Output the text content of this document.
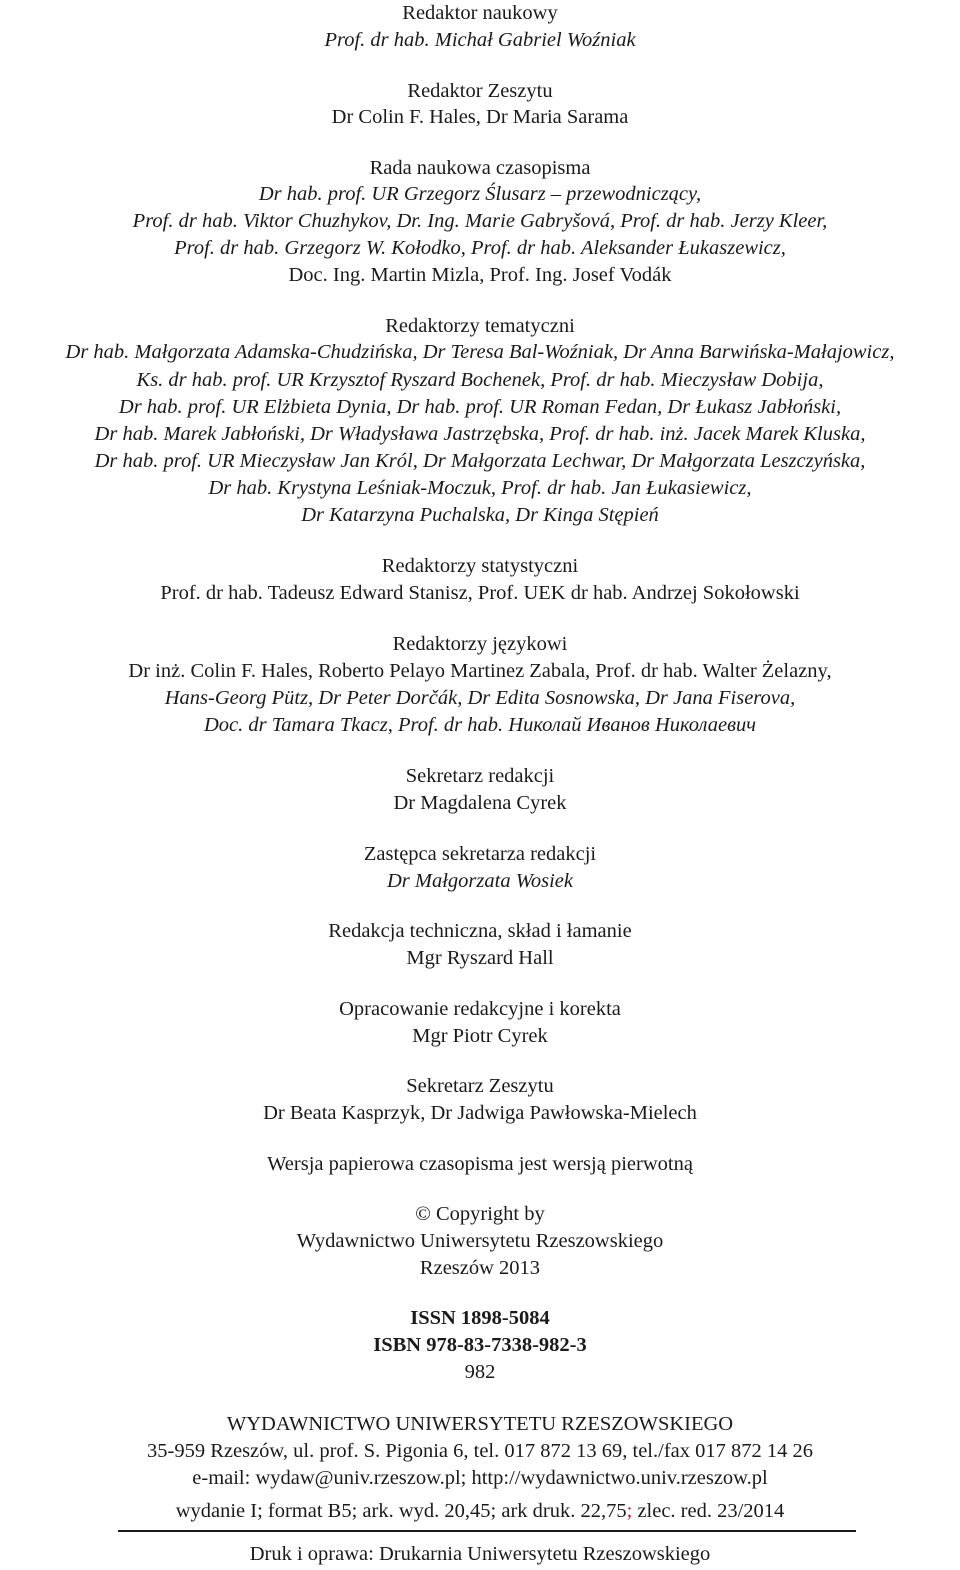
Redaktor naukowy
Prof. dr hab. Michał Gabriel Woźniak
Redaktor Zeszytu
Dr Colin F. Hales, Dr Maria Sarama
Rada naukowa czasopisma
Dr hab. prof. UR Grzegorz Ślusarz – przewodniczący,
Prof. dr hab. Viktor Chuzhykov, Dr. Ing. Marie Gabryšová, Prof. dr hab. Jerzy Kleer,
Prof. dr hab. Grzegorz W. Kołodko, Prof. dr hab. Aleksander Łukaszewicz,
Doc. Ing. Martin Mizla, Prof. Ing. Josef Vodák
Redaktorzy tematyczni
Dr hab. Małgorzata Adamska-Chudzińska, Dr Teresa Bal-Woźniak, Dr Anna Barwińska-Małajowicz,
Ks. dr hab. prof. UR Krzysztof Ryszard Bochenek, Prof. dr hab. Mieczysław Dobija,
Dr hab. prof. UR Elżbieta Dynia, Dr hab. prof. UR Roman Fedan, Dr Łukasz Jabłoński,
Dr hab. Marek Jabłoński, Dr Władysława Jastrzębska, Prof. dr hab. inż. Jacek Marek Kluska,
Dr hab. prof. UR Mieczysław Jan Król, Dr Małgorzata Lechwar, Dr Małgorzata Leszczyńska,
Dr hab. Krystyna Leśniak-Moczuk, Prof. dr hab. Jan Łukasiewicz,
Dr Katarzyna Puchalska, Dr Kinga Stępień
Redaktorzy statystyczni
Prof. dr hab. Tadeusz Edward Stanisz, Prof. UEK dr hab. Andrzej Sokołowski
Redaktorzy językowi
Dr inż. Colin F. Hales, Roberto Pelayo Martinez Zabala, Prof. dr hab. Walter Żelazny,
Hans-Georg Pütz, Dr Peter Dorčák, Dr Edita Sosnowska, Dr Jana Fiserova,
Doc. dr Tamara Tkacz, Prof. dr hab. Николай Иванов Николаевич
Sekretarz redakcji
Dr Magdalena Cyrek
Zastępca sekretarza redakcji
Dr Małgorzata Wosiek
Redakcja techniczna, skład i łamanie
Mgr Ryszard Hall
Opracowanie redakcyjne i korekta
Mgr Piotr Cyrek
Sekretarz Zeszytu
Dr Beata Kasprzyk, Dr Jadwiga Pawłowska-Mielech
Wersja papierowa czasopisma jest wersją pierwotną
© Copyright by
Wydawnictwo Uniwersytetu Rzeszowskiego
Rzeszów 2013
ISSN 1898-5084
ISBN 978-83-7338-982-3
982
WYDAWNICTWO UNIWERSYTETU RZESZOWSKIEGO
35-959 Rzeszów, ul. prof. S. Pigonia 6, tel. 017 872 13 69, tel./fax 017 872 14 26
e-mail: wydaw@univ.rzeszow.pl; http://wydawnictwo.univ.rzeszow.pl
wydanie I; format B5; ark. wyd. 20,45; ark druk. 22,75; zlec. red. 23/2014
Druk i oprawa: Drukarnia Uniwersytetu Rzeszowskiego
